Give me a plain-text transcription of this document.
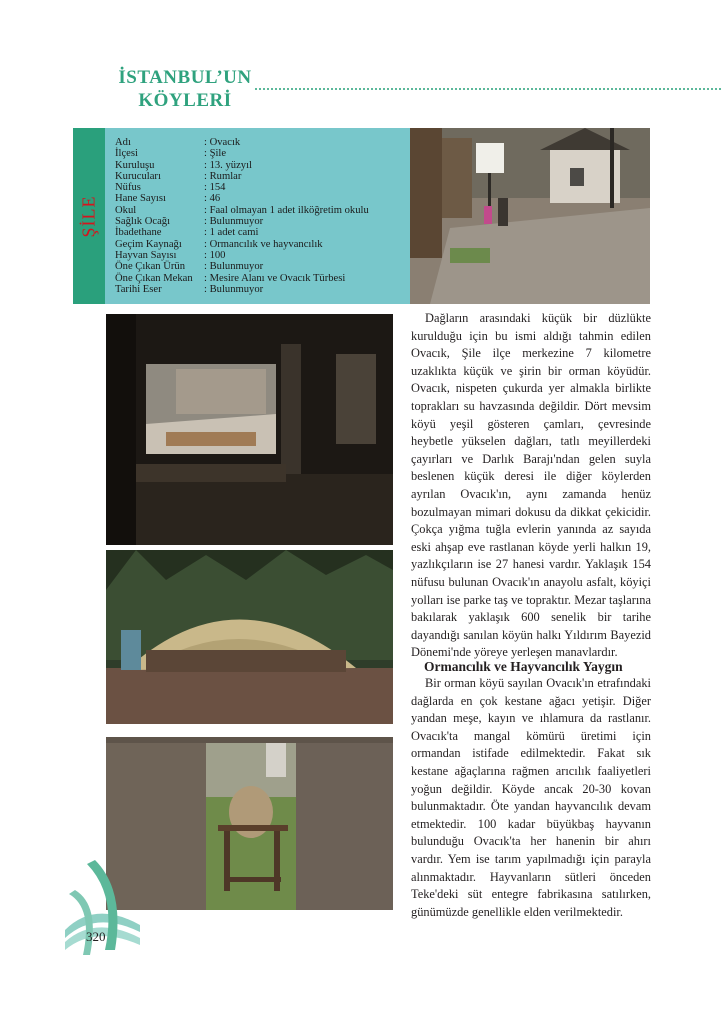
İSTANBUL’UN
KÖYLERİ
ŞİLE
Adı	: Ovacık
İlçesi	: Şile
Kuruluşu	: 13. yüzyıl
Kurucuları	: Rumlar
Nüfus	: 154
Hane Sayısı	: 46
Okul	: Faal olmayan 1 adet ilköğretim okulu
Sağlık Ocağı	: Bulunmuyor
İbadethane	: 1 adet cami
Geçim Kaynağı	: Ormancılık ve hayvancılık
Hayvan Sayısı	: 100
Öne Çıkan Ürün	: Bulunmuyor
Öne Çıkan Mekan	: Mesire Alanı ve Ovacık Türbesi
Tarihi Eser	: Bulunmuyor

Dağların arasındaki küçük bir düzlükte kurulduğu için bu ismi aldığı tahmin edilen Ovacık, Şile ilçe merkezine 7 kilometre uzaklıkta küçük ve şirin bir orman köyüdür. Ovacık, nispeten çukurda yer almakla birlikte toprakları su havzasında değildir. Dört mevsim köyü yeşil gösteren çamları, çevresinde heybetle yükselen dağları, tatlı meyillerdeki çayırları ve Darlık Barajı'ndan gelen suyla beslenen küçük deresi ile diğer köylerden ayrılan Ovacık'ın, aynı zamanda henüz bozulmayan mimari dokusu da dikkat çekicidir. Çokça yığma tuğla evlerin yanında az sayıda eski ahşap eve rastlanan köyde yerli halkın 19, yazlıkçıların ise 27 hanesi vardır. Yaklaşık 154 nüfusu bulunan Ovacık'ın anayolu asfalt, köyiçi yolları ise parke taş ve topraktır. Mezar taşlarına bakılarak yaklaşık 600 senelik bir tarihe dayandığı sanılan köyün halkı Yıldırım Bayezid Dönemi'nde yöreye yerleşen manavlardır.

Ormancılık ve Hayvancılık Yaygın

Bir orman köyü sayılan Ovacık'ın etrafındaki dağlarda en çok kestane ağacı yetişir. Diğer yandan meşe, kayın ve ıhlamura da rastlanır. Ovacık'ta mangal kömürü üretimi için ormandan istifade edilmektedir. Fakat sık kestane ağaçlarına rağmen arıcılık faaliyetleri yoğun değildir. Köyde ancak 20-30 kovan bulunmaktadır. Öte yandan hayvancılık devam etmektedir. 100 kadar büyükbaş hayvanın bulunduğu Ovacık'ta her hanenin bir ahırı vardır. Yem ise tarım yapılmadığı için parayla alınmaktadır. Hayvanların sütleri önceden Teke'deki süt entegre fabrikasına satılırken, günümüzde genellikle elden verilmektedir.

320
